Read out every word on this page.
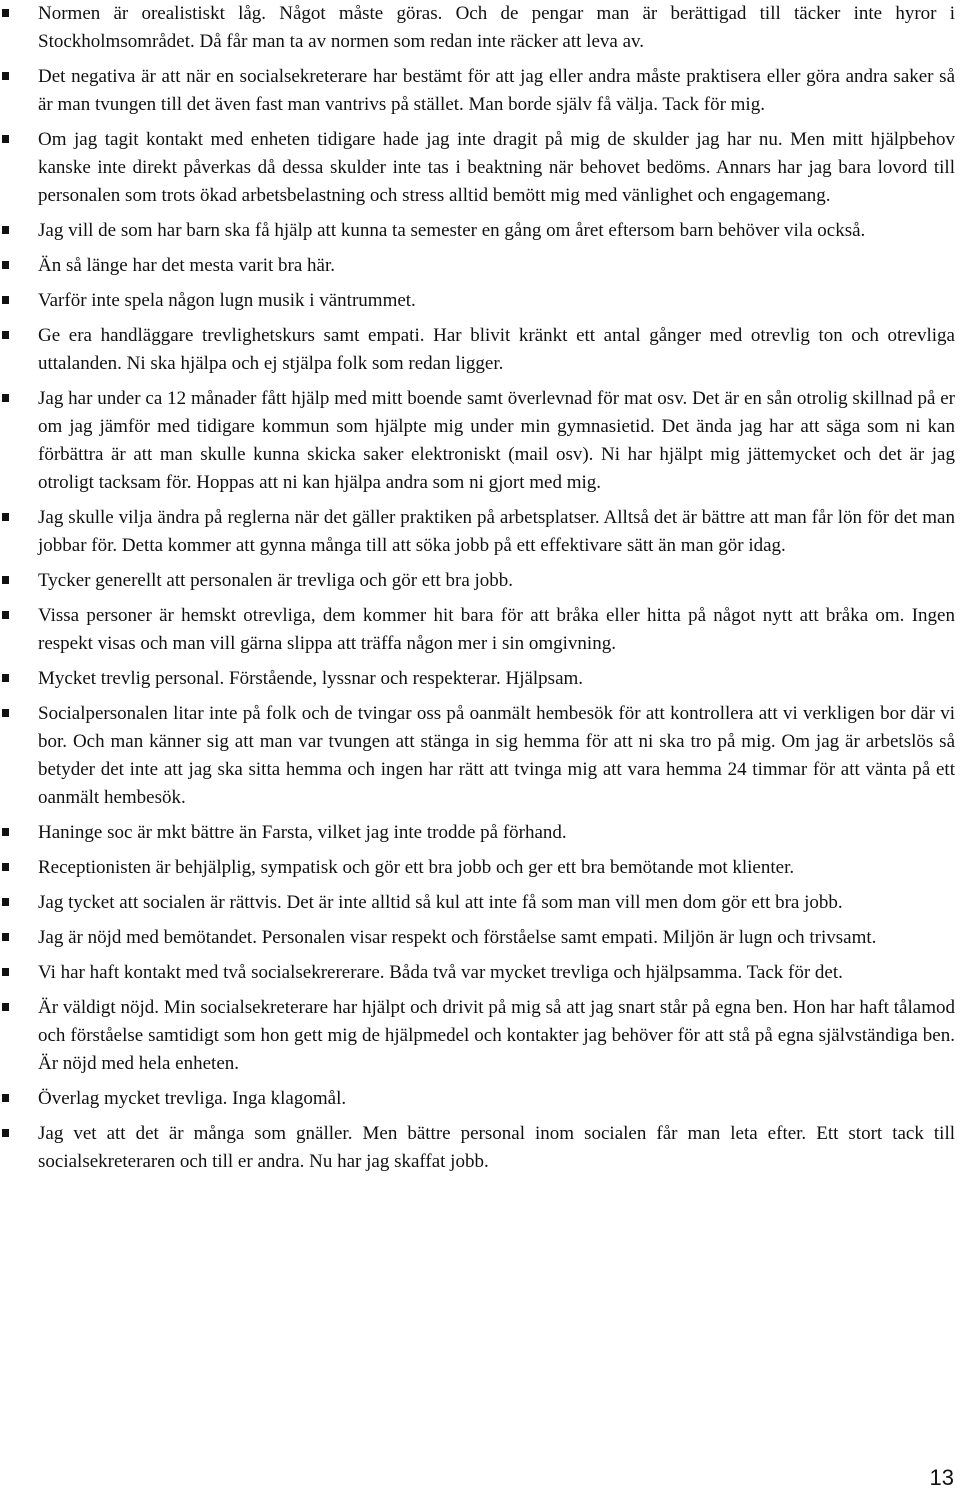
Normen är orealistiskt låg. Något måste göras. Och de pengar man är berättigad till täcker inte hyror i Stockholmsområdet. Då får man ta av normen som redan inte räcker att leva av.
Det negativa är att när en socialsekreterare har bestämt för att jag eller andra måste praktisera eller göra andra saker så är man tvungen till det även fast man vantrivs på stället. Man borde själv få välja. Tack för mig.
Om jag tagit kontakt med enheten tidigare hade jag inte dragit på mig de skulder jag har nu. Men mitt hjälpbehov kanske inte direkt påverkas då dessa skulder inte tas i beaktning när behovet bedöms. Annars har jag bara lovord till personalen som trots ökad arbetsbelastning och stress alltid bemött mig med vänlighet och engagemang.
Jag vill de som har barn ska få hjälp att kunna ta semester en gång om året eftersom barn behöver vila också.
Än så länge har det mesta varit bra här.
Varför inte spela någon lugn musik i väntrummet.
Ge era handläggare trevlighetskurs samt empati. Har blivit kränkt ett antal gånger med otrevlig ton och otrevliga uttalanden. Ni ska hjälpa och ej stjälpa folk som redan ligger.
Jag har under ca 12 månader fått hjälp med mitt boende samt överlevnad för mat osv. Det är en sån otrolig skillnad på er om jag jämför med tidigare kommun som hjälpte mig under min gymnasietid. Det ända jag har att säga som ni kan förbättra är att man skulle kunna skicka saker elektroniskt (mail osv). Ni har hjälpt mig jättemycket och det är jag otroligt tacksam för. Hoppas att ni kan hjälpa andra som ni gjort med mig.
Jag skulle vilja ändra på reglerna när det gäller praktiken på arbetsplatser. Alltså det är bättre att man får lön för det man jobbar för. Detta kommer att gynna många till att söka jobb på ett effektivare sätt än man gör idag.
Tycker generellt att personalen är trevliga och gör ett bra jobb.
Vissa personer är hemskt otrevliga, dem kommer hit bara för att bråka eller hitta på något nytt att bråka om. Ingen respekt visas och man vill gärna slippa att träffa någon mer i sin omgivning.
Mycket trevlig personal. Förstående, lyssnar och respekterar. Hjälpsam.
Socialpersonalen litar inte på folk och de tvingar oss på oanmält hembesök för att kontrollera att vi verkligen bor där vi bor. Och man känner sig att man var tvungen att stänga in sig hemma för att ni ska tro på mig. Om jag är arbetslös så betyder det inte att jag ska sitta hemma och ingen har rätt att tvinga mig att vara hemma 24 timmar för att vänta på ett oanmält hembesök.
Haninge soc är mkt bättre än Farsta, vilket jag inte trodde på förhand.
Receptionisten är behjälplig, sympatisk och gör ett bra jobb och ger ett bra bemötande mot klienter.
Jag tycket att socialen är rättvis. Det är inte alltid så kul att inte få som man vill men dom gör ett bra jobb.
Jag är nöjd med bemötandet. Personalen visar respekt och förståelse samt empati. Miljön är lugn och trivsamt.
Vi har haft kontakt med två socialsekrererare. Båda två var mycket trevliga och hjälpsamma. Tack för det.
Är väldigt nöjd. Min socialsekreterare har hjälpt och drivit på mig så att jag snart står på egna ben. Hon har haft tålamod och förståelse samtidigt som hon gett mig de hjälpmedel och kontakter jag behöver för att stå på egna självständiga ben. Är nöjd med hela enheten.
Överlag mycket trevliga. Inga klagomål.
Jag vet att det är många som gnäller. Men bättre personal inom socialen får man leta efter. Ett stort tack till socialsekreteraren och till er andra. Nu har jag skaffat jobb.
13
